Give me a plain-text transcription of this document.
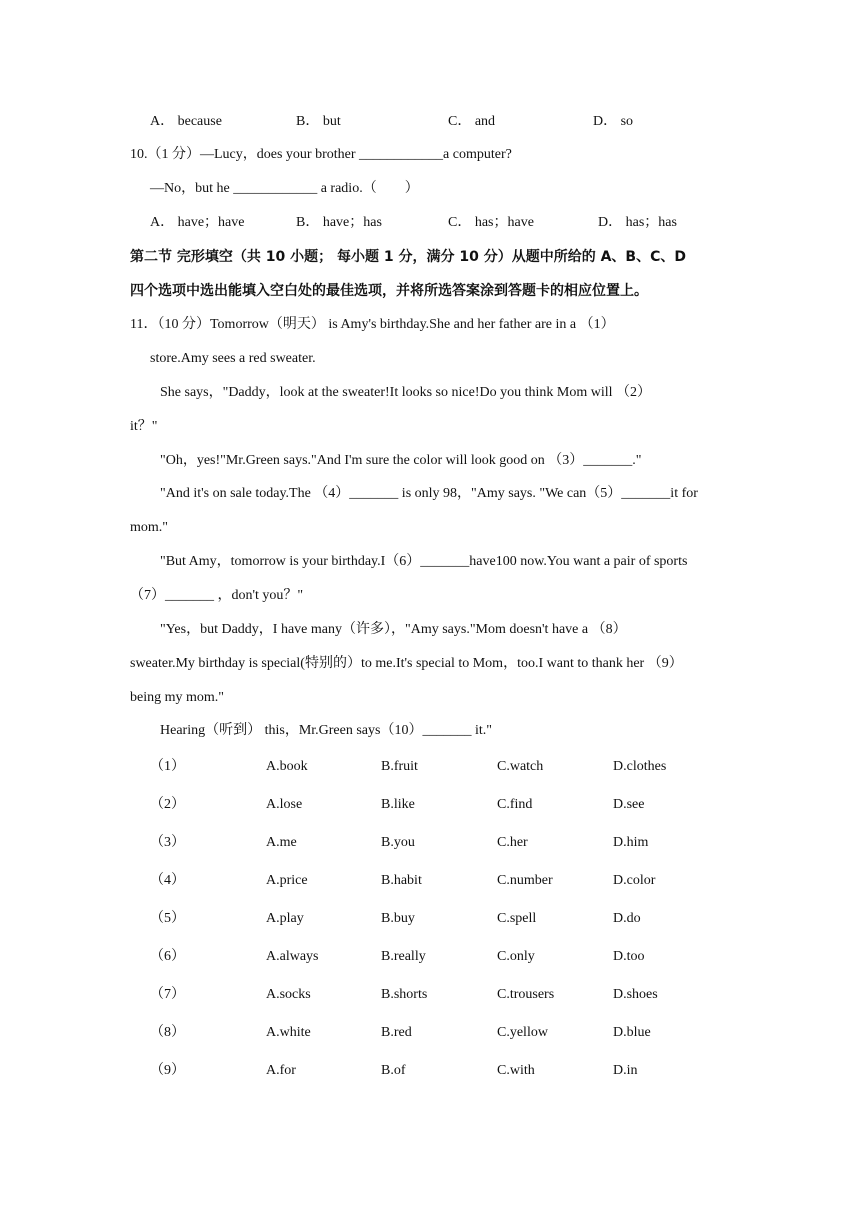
A． because	B． but	C． and	D． so
10.（1 分）—Lucy，does your brother ____________a computer?
—No，but he ____________ a radio.（　　）
A． have；have	B． have；has	C． has；have	D． has；has
第二节 完形填空（共 10 小题； 每小题 1 分，满分 10 分）从题中所给的 A、B、C、D
四个选项中选出能填入空白处的最佳选项，并将所选答案涂到答题卡的相应位置上。
11．（10 分）Tomorrow（明天） is Amy's birthday.She and her father are in a （1）
store.Amy sees a red sweater.
She says，"Daddy，look at the sweater!It looks so nice!Do you think Mom will （2）
it？"
"Oh，yes!"Mr.Green says."And I'm sure the color will look good on （3）_______."
"And it's on sale today.The （4）_______ is only 98，"Amy says. "We can（5）_______it for
mom."
"But Amy，tomorrow is your birthday.I（6）_______have100 now.You want a pair of sports
（7）_______ ，don't you？"
"Yes，but Daddy，I have many（许多），"Amy says."Mom doesn't have a （8）
sweater.My birthday is special(特别的）to me.It's special to Mom，too.I want to thank her （9）
being my mom."
Hearing（听到） this，Mr.Green says（10）_______ it."
（1）	A.book	B.fruit	C.watch	D.clothes
（2）	A.lose	B.like	C.find	D.see
（3）	A.me	B.you	C.her	D.him
（4）	A.price	B.habit	C.number	D.color
（5）	A.play	B.buy	C.spell	D.do
（6）	A.always	B.really	C.only	D.too
（7）	A.socks	B.shorts	C.trousers	D.shoes
（8）	A.white	B.red	C.yellow	D.blue
（9）	A.for	B.of	C.with	D.in
